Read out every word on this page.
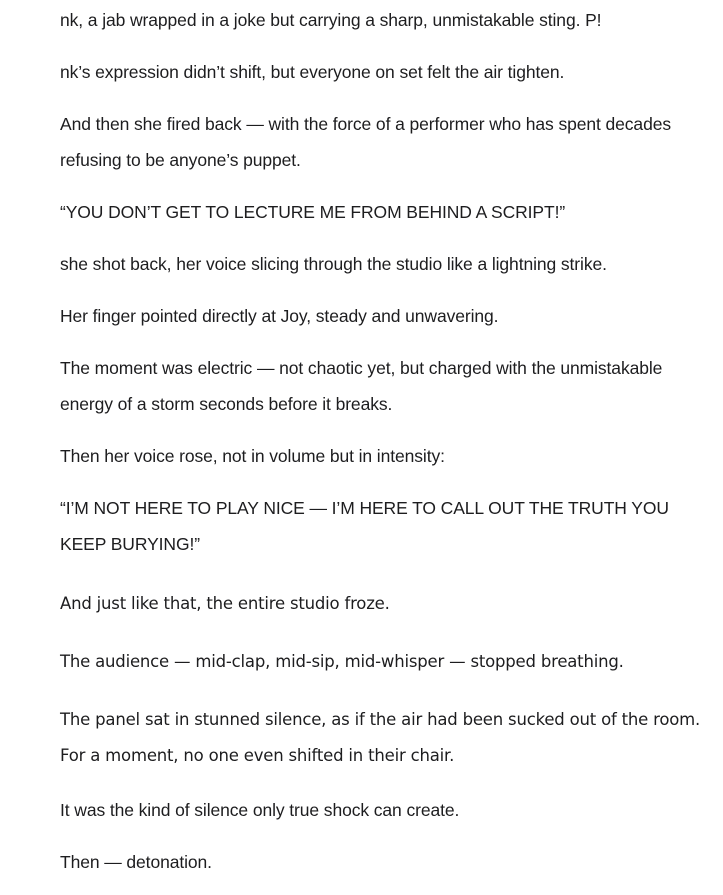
nk, a jab wrapped in a joke but carrying a sharp, unmistakable sting. P!

nk’s expression didn’t shift, but everyone on set felt the air tighten.

And then she fired back — with the force of a performer who has spent decades refusing to be anyone’s puppet.

“YOU DON’T GET TO LECTURE ME FROM BEHIND A SCRIPT!”

she shot back, her voice slicing through the studio like a lightning strike.

Her finger pointed directly at Joy, steady and unwavering.

The moment was electric — not chaotic yet, but charged with the unmistakable energy of a storm seconds before it breaks.

Then her voice rose, not in volume but in intensity:

“I’M NOT HERE TO PLAY NICE — I’M HERE TO CALL OUT THE TRUTH YOU KEEP BURYING!”

And just like that, the entire studio froze.

The audience — mid-clap, mid-sip, mid-whisper — stopped breathing.

The panel sat in stunned silence, as if the air had been sucked out of the room. For a moment, no one even shifted in their chair.

It was the kind of silence only true shock can create.

Then — detonation.
